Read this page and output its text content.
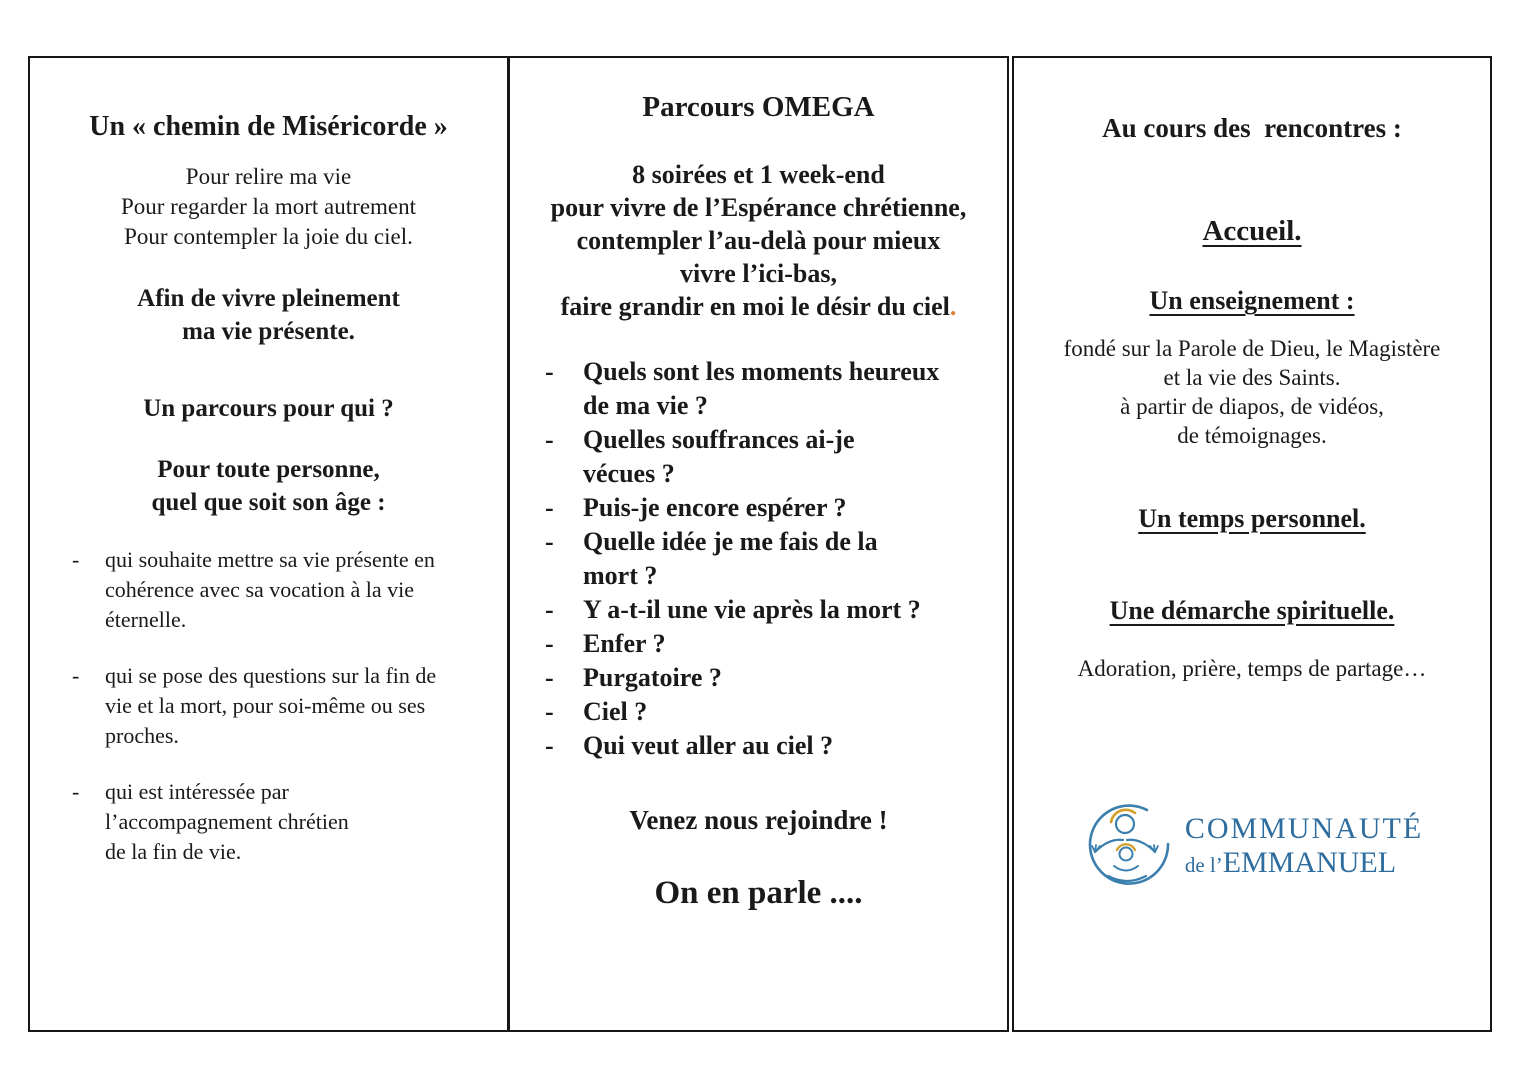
Un « chemin de Miséricorde »
Pour relire ma vie
Pour regarder la mort autrement
Pour contempler la joie du ciel.
Afin de vivre pleinement
ma vie présente.
Un parcours pour qui ?
Pour toute personne,
quel que soit son âge :
-	qui souhaite mettre sa vie présente en
cohérence avec sa vocation à la vie
éternelle.
-	qui se pose des questions sur la fin de
vie et la mort, pour soi-même ou ses
proches.
-	qui est intéressée par
l’accompagnement chrétien
de la fin de vie.
Parcours OMEGA
8 soirées et 1 week-end
pour vivre de l’Espérance chrétienne,
contempler l’au-delà pour mieux
vivre l’ici-bas,
faire grandir en moi le désir du ciel.
-	Quels sont les moments heureux
de ma vie ?
-	Quelles souffrances ai-je
vécues ?
-	Puis-je encore espérer ?
-	Quelle idée je me fais de la
mort ?
-	Y a-t-il une vie après la mort ?
-	Enfer ?
-	Purgatoire ?
-	Ciel ?
-	Qui veut aller au ciel ?
Venez nous rejoindre !
On en parle ....
Au cours des  rencontres :
Accueil.
Un enseignement :
fondé sur la Parole de Dieu, le Magistère
et la vie des Saints.
à partir de diapos, de vidéos,
de témoignages.
Un temps personnel.
Une démarche spirituelle.
Adoration, prière, temps de partage…
COMMUNAUTÉ
de l’EMMANUEL
